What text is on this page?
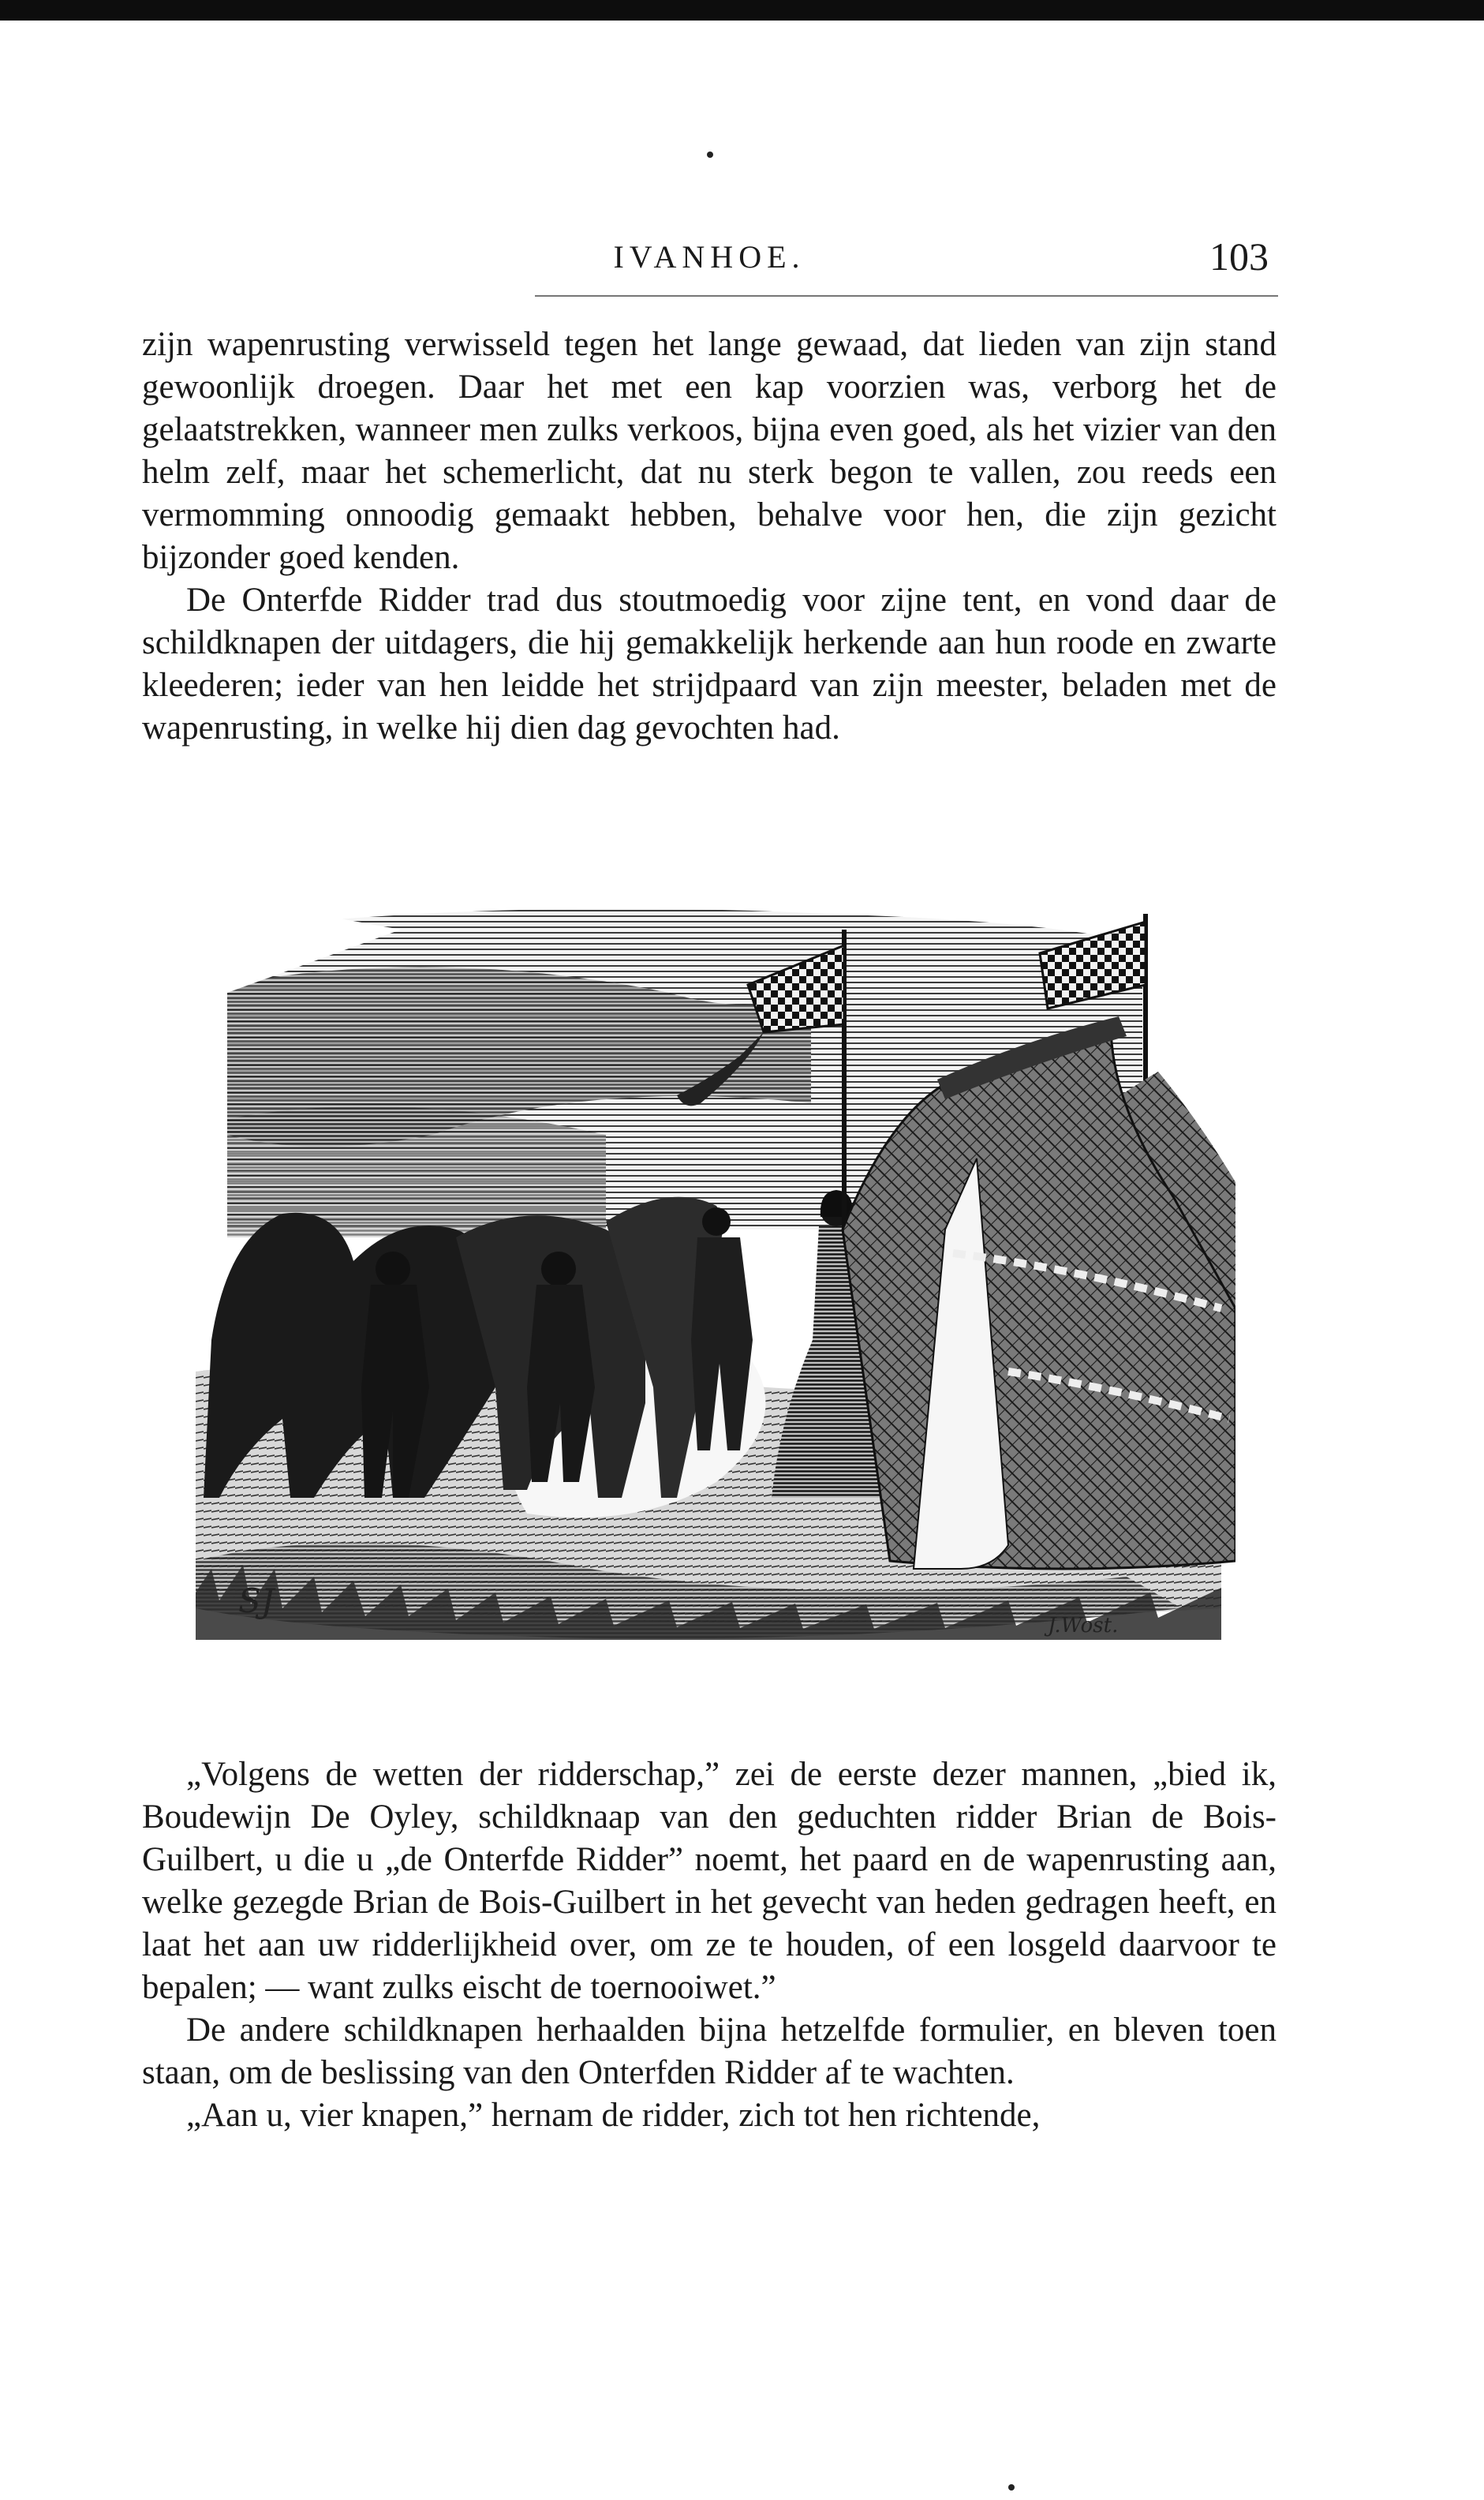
IVANHOE.	103

zijn wapenrusting verwisseld tegen het lange gewaad, dat lieden van zijn stand gewoonlijk droegen. Daar het met een kap voorzien was, verborg het de gelaatstrekken, wanneer men zulks verkoos, bijna even goed, als het vizier van den helm zelf, maar het schemerlicht, dat nu sterk begon te vallen, zou reeds een vermomming onnoodig gemaakt hebben, behalve voor hen, die zijn gezicht bijzonder goed kenden.

De Onterfde Ridder trad dus stoutmoedig voor zijne tent, en vond daar de schildknapen der uitdagers, die hij gemakkelijk herkende aan hun roode en zwarte kleederen; ieder van hen leidde het strijdpaard van zijn meester, beladen met de wapenrusting, in welke hij dien dag gevochten had.

SJ
J.Wost.

„Volgens de wetten der ridderschap,” zei de eerste dezer mannen, „bied ik, Boudewijn De Oyley, schildknaap van den geduchten ridder Brian de Bois-Guilbert, u die u „de Onterfde Ridder” noemt, het paard en de wapenrusting aan, welke gezegde Brian de Bois-Guilbert in het gevecht van heden gedragen heeft, en laat het aan uw ridderlijkheid over, om ze te houden, of een losgeld daarvoor te bepalen; — want zulks eischt de toernooiwet.”

De andere schildknapen herhaalden bijna hetzelfde formulier, en bleven toen staan, om de beslissing van den Onterfden Ridder af te wachten.

„Aan u, vier knapen,” hernam de ridder, zich tot hen richtende,
